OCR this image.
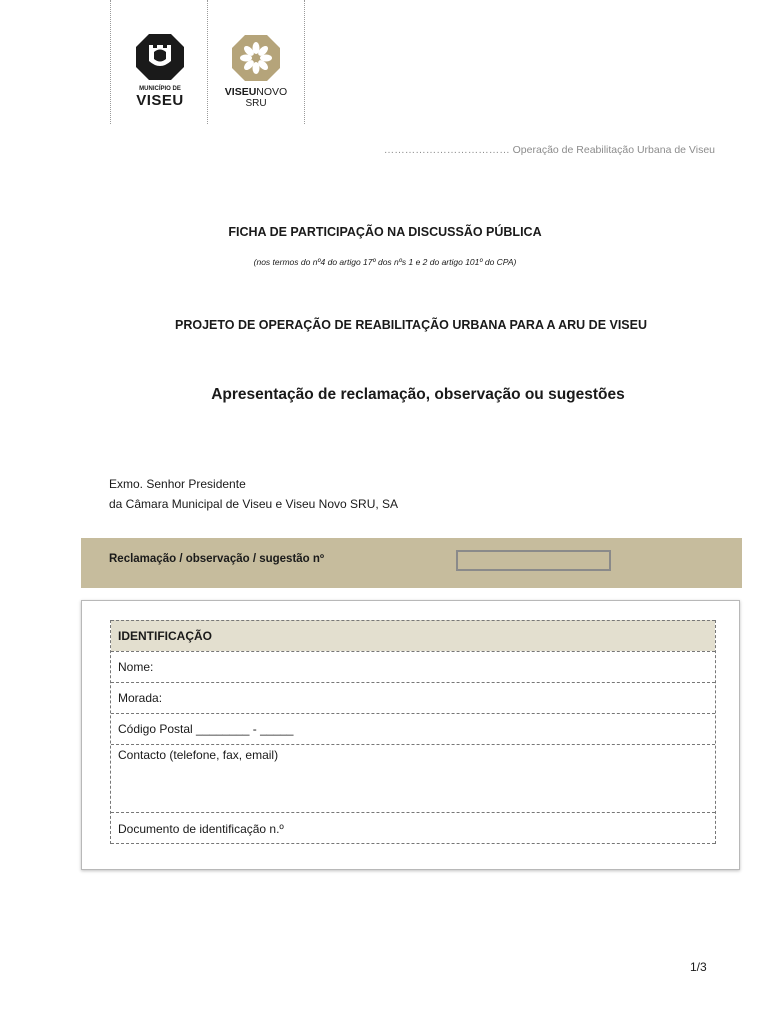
MUNICÍPIO DE
VISEU	VISEUNOVO
SRU
……………………………… Operação de Reabilitação Urbana de Viseu
FICHA DE PARTICIPAÇÃO NA DISCUSSÃO PÚBLICA
(nos termos do nº4 do artigo 17º dos nºs 1 e 2 do artigo 101º do CPA)
PROJETO DE OPERAÇÃO DE REABILITAÇÃO URBANA PARA A ARU DE VISEU
Apresentação de reclamação, observação ou sugestões
Exmo. Senhor Presidente
da Câmara Municipal de Viseu e Viseu Novo SRU, SA
Reclamação / observação / sugestão nº
IDENTIFICAÇÃO
Nome:
Morada:
Código Postal ________ - _____
Contacto (telefone, fax, email)
Documento de identificação n.º
1/3
